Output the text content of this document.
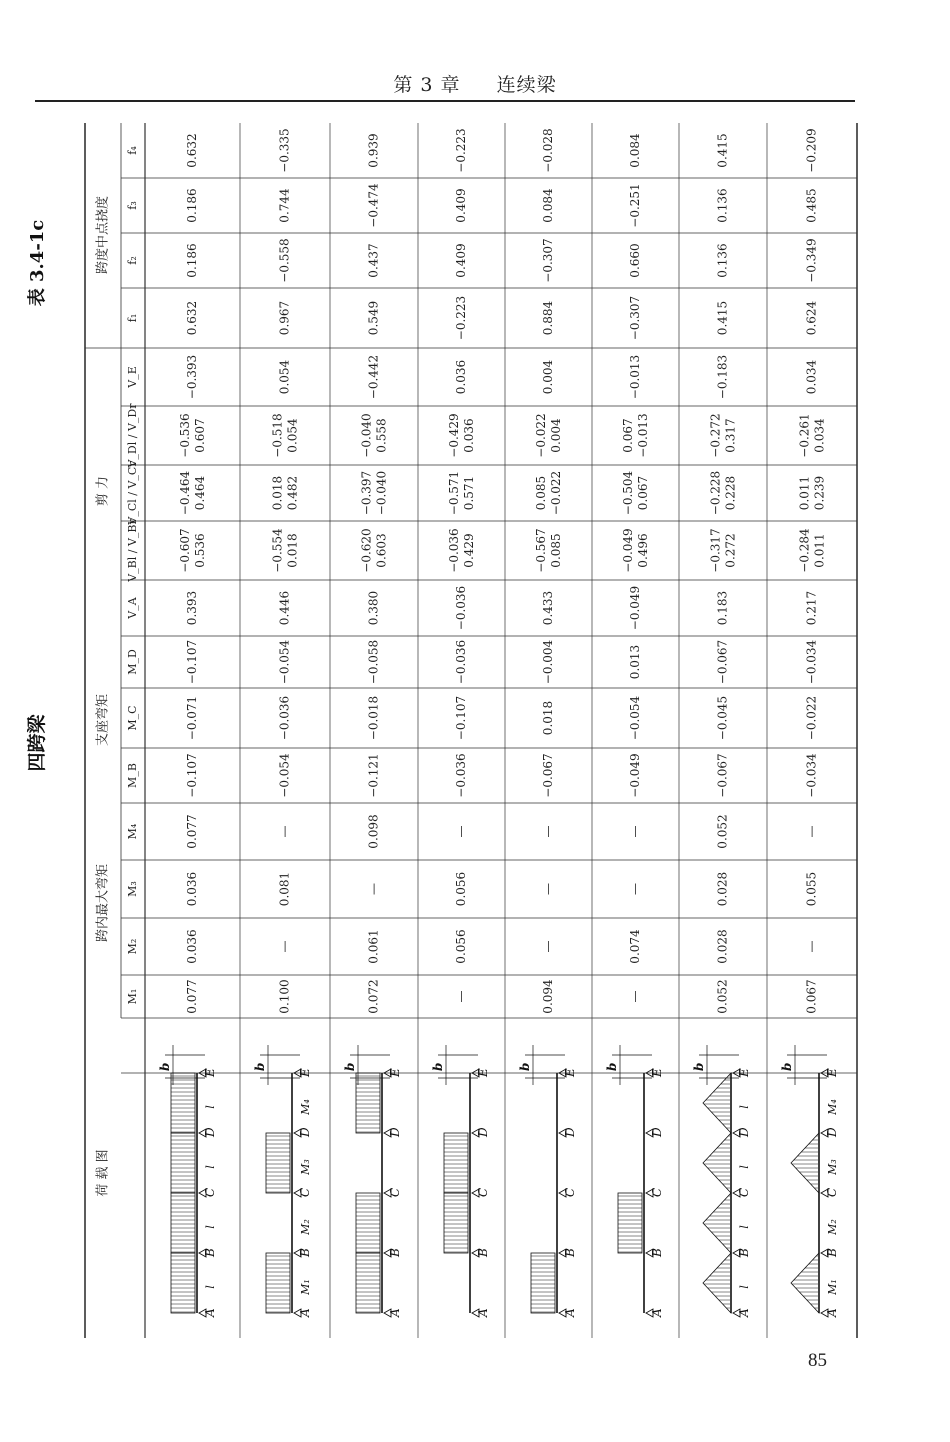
第 3 章 连续梁
四跨梁
表 3.4-1c
荷 载 图
跨内最大弯矩
支座弯矩
剪 力
跨度中点挠度
f₄
f₃
f₂
f₁
V_E
V_Dl / V_Dr
V_Cl / V_Cr
V_Bl / V_Br
V_A
M_D
M_C
M_B
M₄
M₃
M₂
M₁
0.632
0.186
0.186
0.632
−0.393
−0.536 0.607
−0.464 0.464
−0.607 0.536
0.393
−0.107
−0.071
−0.107
0.077
0.036
0.036
0.077
−0.335
0.744
−0.558
0.967
0.054
−0.518 0.054
0.018 0.482
−0.554 0.018
0.446
−0.054
−0.036
−0.054
—
0.081
—
0.100
0.939
−0.474
0.437
0.549
−0.442
−0.040 0.558
−0.397 −0.040
−0.620 0.603
0.380
−0.058
−0.018
−0.121
0.098
—
0.061
0.072
−0.223
0.409
0.409
−0.223
0.036
−0.429 0.036
−0.571 0.571
−0.036 0.429
−0.036
−0.036
−0.107
−0.036
—
0.056
0.056
—
−0.028
0.084
−0.307
0.884
0.004
−0.022 0.004
0.085 −0.022
−0.567 0.085
0.433
−0.004
0.018
−0.067
—
—
—
0.094
0.084
−0.251
0.660
−0.307
−0.013
0.067 −0.013
−0.504 0.067
−0.049 0.496
−0.049
0.013
−0.054
−0.049
—
—
0.074
—
0.415
0.136
0.136
0.415
−0.183
−0.272 0.317
−0.228 0.228
−0.317 0.272
0.183
−0.067
−0.045
−0.067
0.052
0.028
0.028
0.052
−0.209
0.485
−0.349
0.624
0.034
−0.261 0.034
0.011 0.239
−0.284 0.011
0.217
−0.034
−0.022
−0.034
—
0.055
—
0.067
A
B
C
D
E
b
l
l
l
l
A
B
C
D
E
b
M₁
M₂
M₃
M₄
A
B
C
D
E
b
A
B
C
D
E
b
A
B
C
D
E
b
A
B
C
D
E
b
A
B
C
D
E
b
l
l
l
l
A
B
C
D
E
b
M₁
M₂
M₃
M₄
85
